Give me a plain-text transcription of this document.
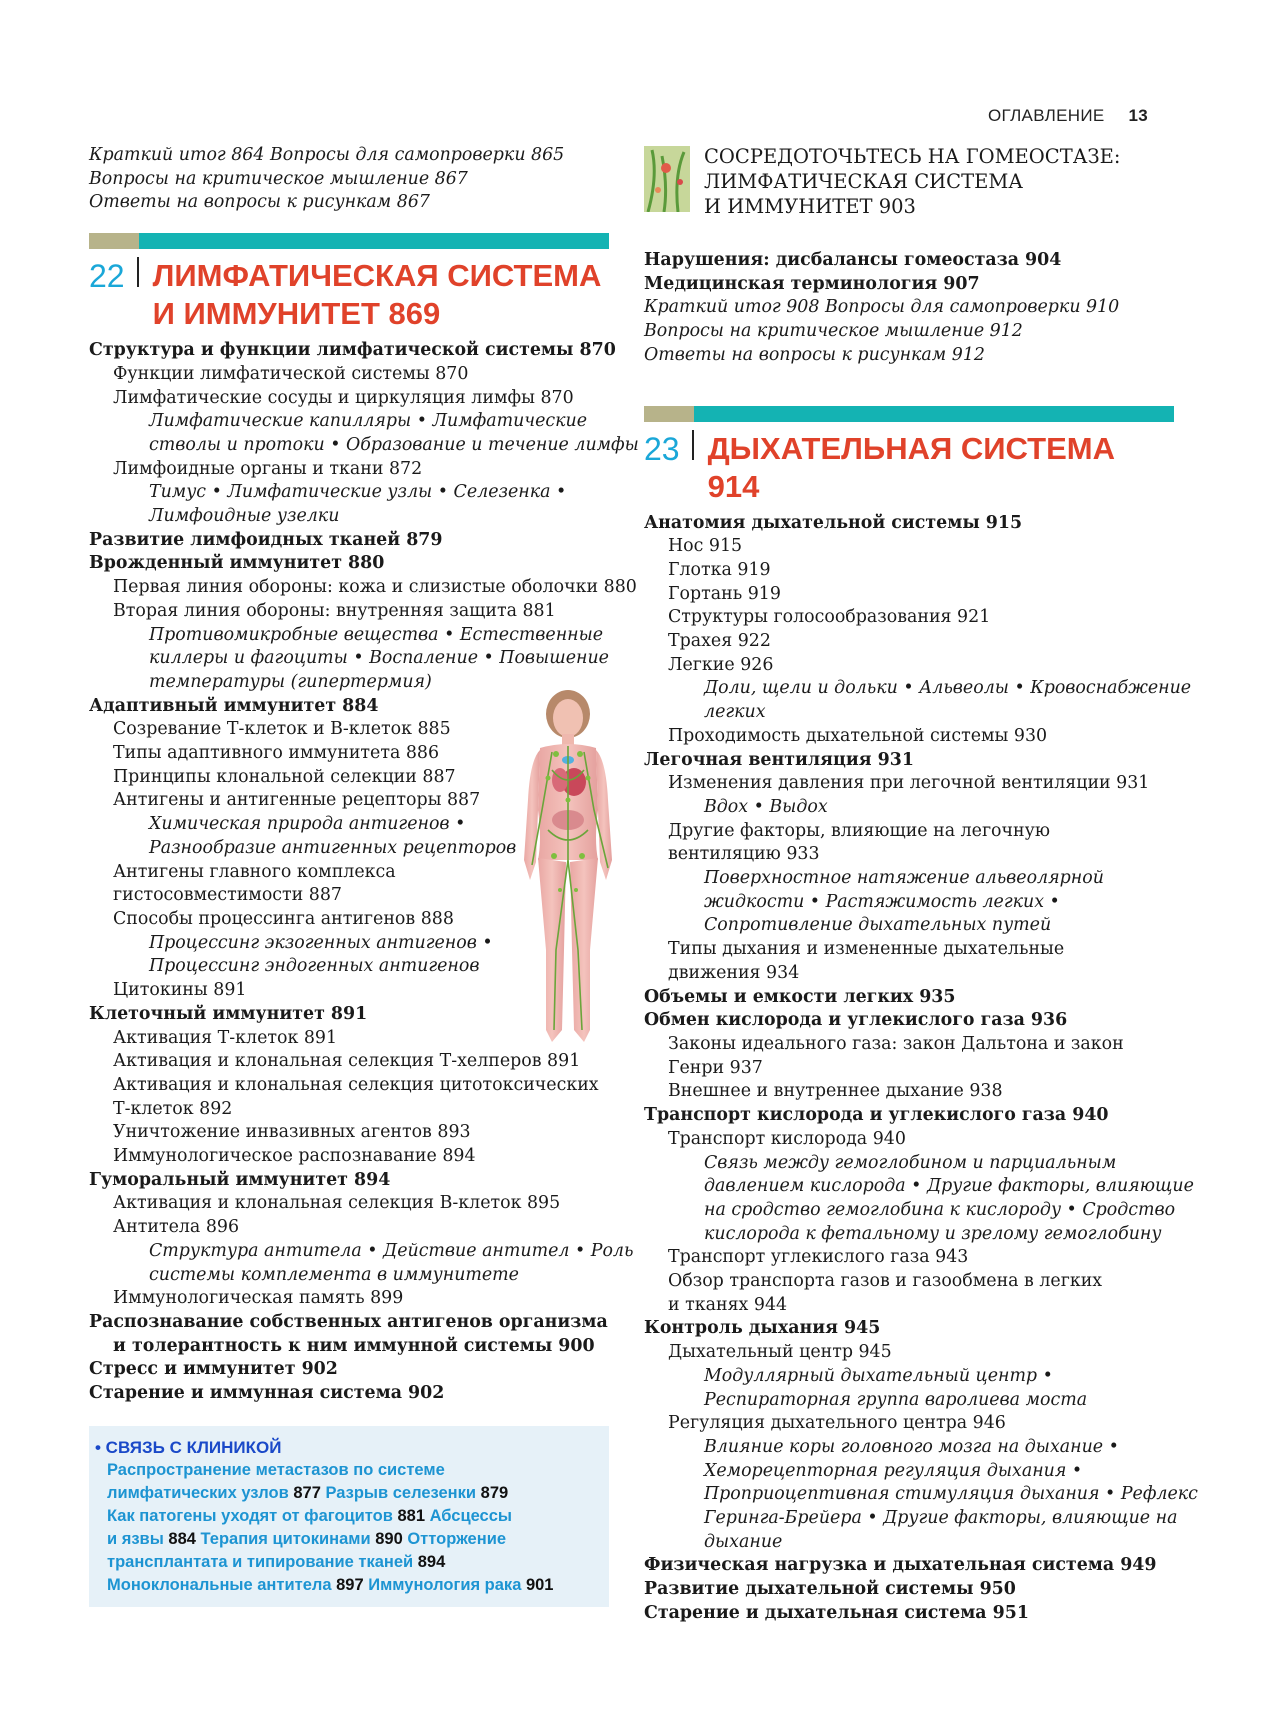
ОГЛАВЛЕНИЕ 13
Краткий итог 864 Вопросы для самопроверки 865
Вопросы на критическое мышление 867
Ответы на вопросы к рисункам 867
22 ЛИМФАТИЧЕСКАЯ СИСТЕМА
И ИММУНИТЕТ 869
Структура и функции лимфатической системы 870
Функции лимфатической системы 870
Лимфатические сосуды и циркуляция лимфы 870
Лимфатические капилляры • Лимфатические
стволы и протоки • Образование и течение лимфы
Лимфоидные органы и ткани 872
Тимус • Лимфатические узлы • Селезенка •
Лимфоидные узелки
Развитие лимфоидных тканей 879
Врожденный иммунитет 880
Первая линия обороны: кожа и слизистые оболочки 880
Вторая линия обороны: внутренняя защита 881
Противомикробные вещества • Естественные
киллеры и фагоциты • Воспаление • Повышение
температуры (гипертермия)
Адаптивный иммунитет 884
Созревание Т-клеток и В-клеток 885
Типы адаптивного иммунитета 886
Принципы клональной селекции 887
Антигены и антигенные рецепторы 887
Химическая природа антигенов •
Разнообразие антигенных рецепторов
Антигены главного комплекса
гистосовместимости 887
Способы процессинга антигенов 888
Процессинг экзогенных антигенов •
Процессинг эндогенных антигенов
Цитокины 891
Клеточный иммунитет 891
Активация Т-клеток 891
Активация и клональная селекция Т-хелперов 891
Активация и клональная селекция цитотоксических
Т-клеток 892
Уничтожение инвазивных агентов 893
Иммунологическое распознавание 894
Гуморальный иммунитет 894
Активация и клональная селекция В-клеток 895
Антитела 896
Структура антитела • Действие антител • Роль
системы комплемента в иммунитете
Иммунологическая память 899
Распознавание собственных антигенов организма
и толерантность к ним иммунной системы 900
Стресс и иммунитет 902
Старение и иммунная система 902
• СВЯЗЬ С КЛИНИКОЙ
Распространение метастазов по системе
лимфатических узлов 877 Разрыв селезенки 879
Как патогены уходят от фагоцитов 881 Абсцессы
и язвы 884 Терапия цитокинами 890 Отторжение
трансплантата и типирование тканей 894
Моноклональные антитела 897 Иммунология рака 901
СОСРЕДОТОЧЬТЕСЬ НА ГОМЕОСТАЗЕ:
ЛИМФАТИЧЕСКАЯ СИСТЕМА
И ИММУНИТЕТ 903
Нарушения: дисбалансы гомеостаза 904
Медицинская терминология 907
Краткий итог 908 Вопросы для самопроверки 910
Вопросы на критическое мышление 912
Ответы на вопросы к рисункам 912
23 ДЫХАТЕЛЬНАЯ СИСТЕМА 914
Анатомия дыхательной системы 915
Нос 915
Глотка 919
Гортань 919
Структуры голосообразования 921
Трахея 922
Легкие 926
Доли, щели и дольки • Альвеолы • Кровоснабжение
легких
Проходимость дыхательной системы 930
Легочная вентиляция 931
Изменения давления при легочной вентиляции 931
Вдох • Выдох
Другие факторы, влияющие на легочную
вентиляцию 933
Поверхностное натяжение альвеолярной
жидкости • Растяжимость легких •
Сопротивление дыхательных путей
Типы дыхания и измененные дыхательные
движения 934
Объемы и емкости легких 935
Обмен кислорода и углекислого газа 936
Законы идеального газа: закон Дальтона и закон
Генри 937
Внешнее и внутреннее дыхание 938
Транспорт кислорода и углекислого газа 940
Транспорт кислорода 940
Связь между гемоглобином и парциальным
давлением кислорода • Другие факторы, влияющие
на сродство гемоглобина к кислороду • Сродство
кислорода к фетальному и зрелому гемоглобину
Транспорт углекислого газа 943
Обзор транспорта газов и газообмена в легких
и тканях 944
Контроль дыхания 945
Дыхательный центр 945
Модуллярный дыхательный центр •
Респираторная группа варолиева моста
Регуляция дыхательного центра 946
Влияние коры головного мозга на дыхание •
Хеморецепторная регуляция дыхания •
Проприоцептивная стимуляция дыхания • Рефлекс
Геринга-Брейера • Другие факторы, влияющие на
дыхание
Физическая нагрузка и дыхательная система 949
Развитие дыхательной системы 950
Старение и дыхательная система 951
